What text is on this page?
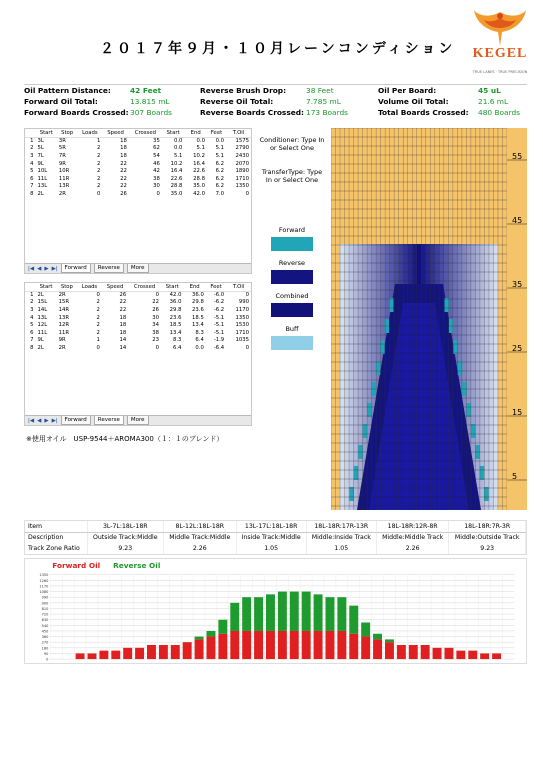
２０１７年９月・１０月レーンコンディション KEGEL
TRUE LANES · TRUE PRECISION
Oil Pattern Distance:	42 Feet	Reverse Brush Drop:	38 Feet	Oil Per Board:	45 uL
Forward Oil Total:	13.815 mL	Reverse Oil Total:	7.785 mL	Volume Oil Total:	21.6 mL
Forward Boards Crossed: 307 Boards	Reverse Boards Crossed: 173 Boards	Total Boards Crossed:	480 Boards
	Start	Stop	Loads	Speed	Crossed	Start	End	Feet	T.Oil
1	3L	3R	1	18	35	0.0	0.0	0.0	1575
2	5L	5R	2	18	62	0.0	5.1	5.1	2790
3	7L	7R	2	18	54	5.1	10.2	5.1	2430
4	9L	9R	2	22	46	10.2	16.4	6.2	2070
5	10L	10R	2	22	42	16.4	22.6	6.2	1890
6	11L	11R	2	22	38	22.6	28.8	6.2	1710
7	13L	13R	2	22	30	28.8	35.0	6.2	1350
8	2L	2R	0	26	0	35.0	42.0	7.0	0
|◀ ◀ ▶ ▶|	Forward	Reverse	More
	Start	Stop	Loads	Speed	Crossed	Start	End	Feet	T.Oil
1	2L	2R	0	26	0	42.0	36.0	-6.0	0
2	15L	15R	2	22	22	36.0	29.8	-6.2	990
3	14L	14R	2	22	26	29.8	23.6	-6.2	1170
4	13L	13R	2	18	30	23.6	18.5	-5.1	1350
5	12L	12R	2	18	34	18.5	13.4	-5.1	1530
6	11L	11R	2	18	38	13.4	8.3	-5.1	1710
7	9L	9R	1	14	23	8.3	6.4	-1.9	1035
8	2L	2R	0	14	0	6.4	0.0	-6.4	0
|◀ ◀ ▶ ▶|	Forward	Reverse	More
※使用オイル　USP-9544＋AROMA300（１：１のブレンド）
Conditioner: Type In or Select One
TransferType: Type In or Select One
Forward
Reverse
Combined
Buff
55
45
35
25
15
5
Item	3L-7L:18L-18R	8L-12L:18L-18R	13L-17L:18L-18R	18L-18R:17R-13R	18L-18R:12R-8R	18L-18R:7R-3R
Description	Outside Track:Middle	Middle Track:Middle	Inside Track:Middle	Middle:Inside Track	Middle:Middle Track	Middle:Outside Track
Track Zone Ratio	9.23	2.26	1.05	1.05	2.26	9.23
Forward Oil Reverse Oil
1350
1260
1170
1080
990
900
810
720
630
540
450
360
270
180
90
0
